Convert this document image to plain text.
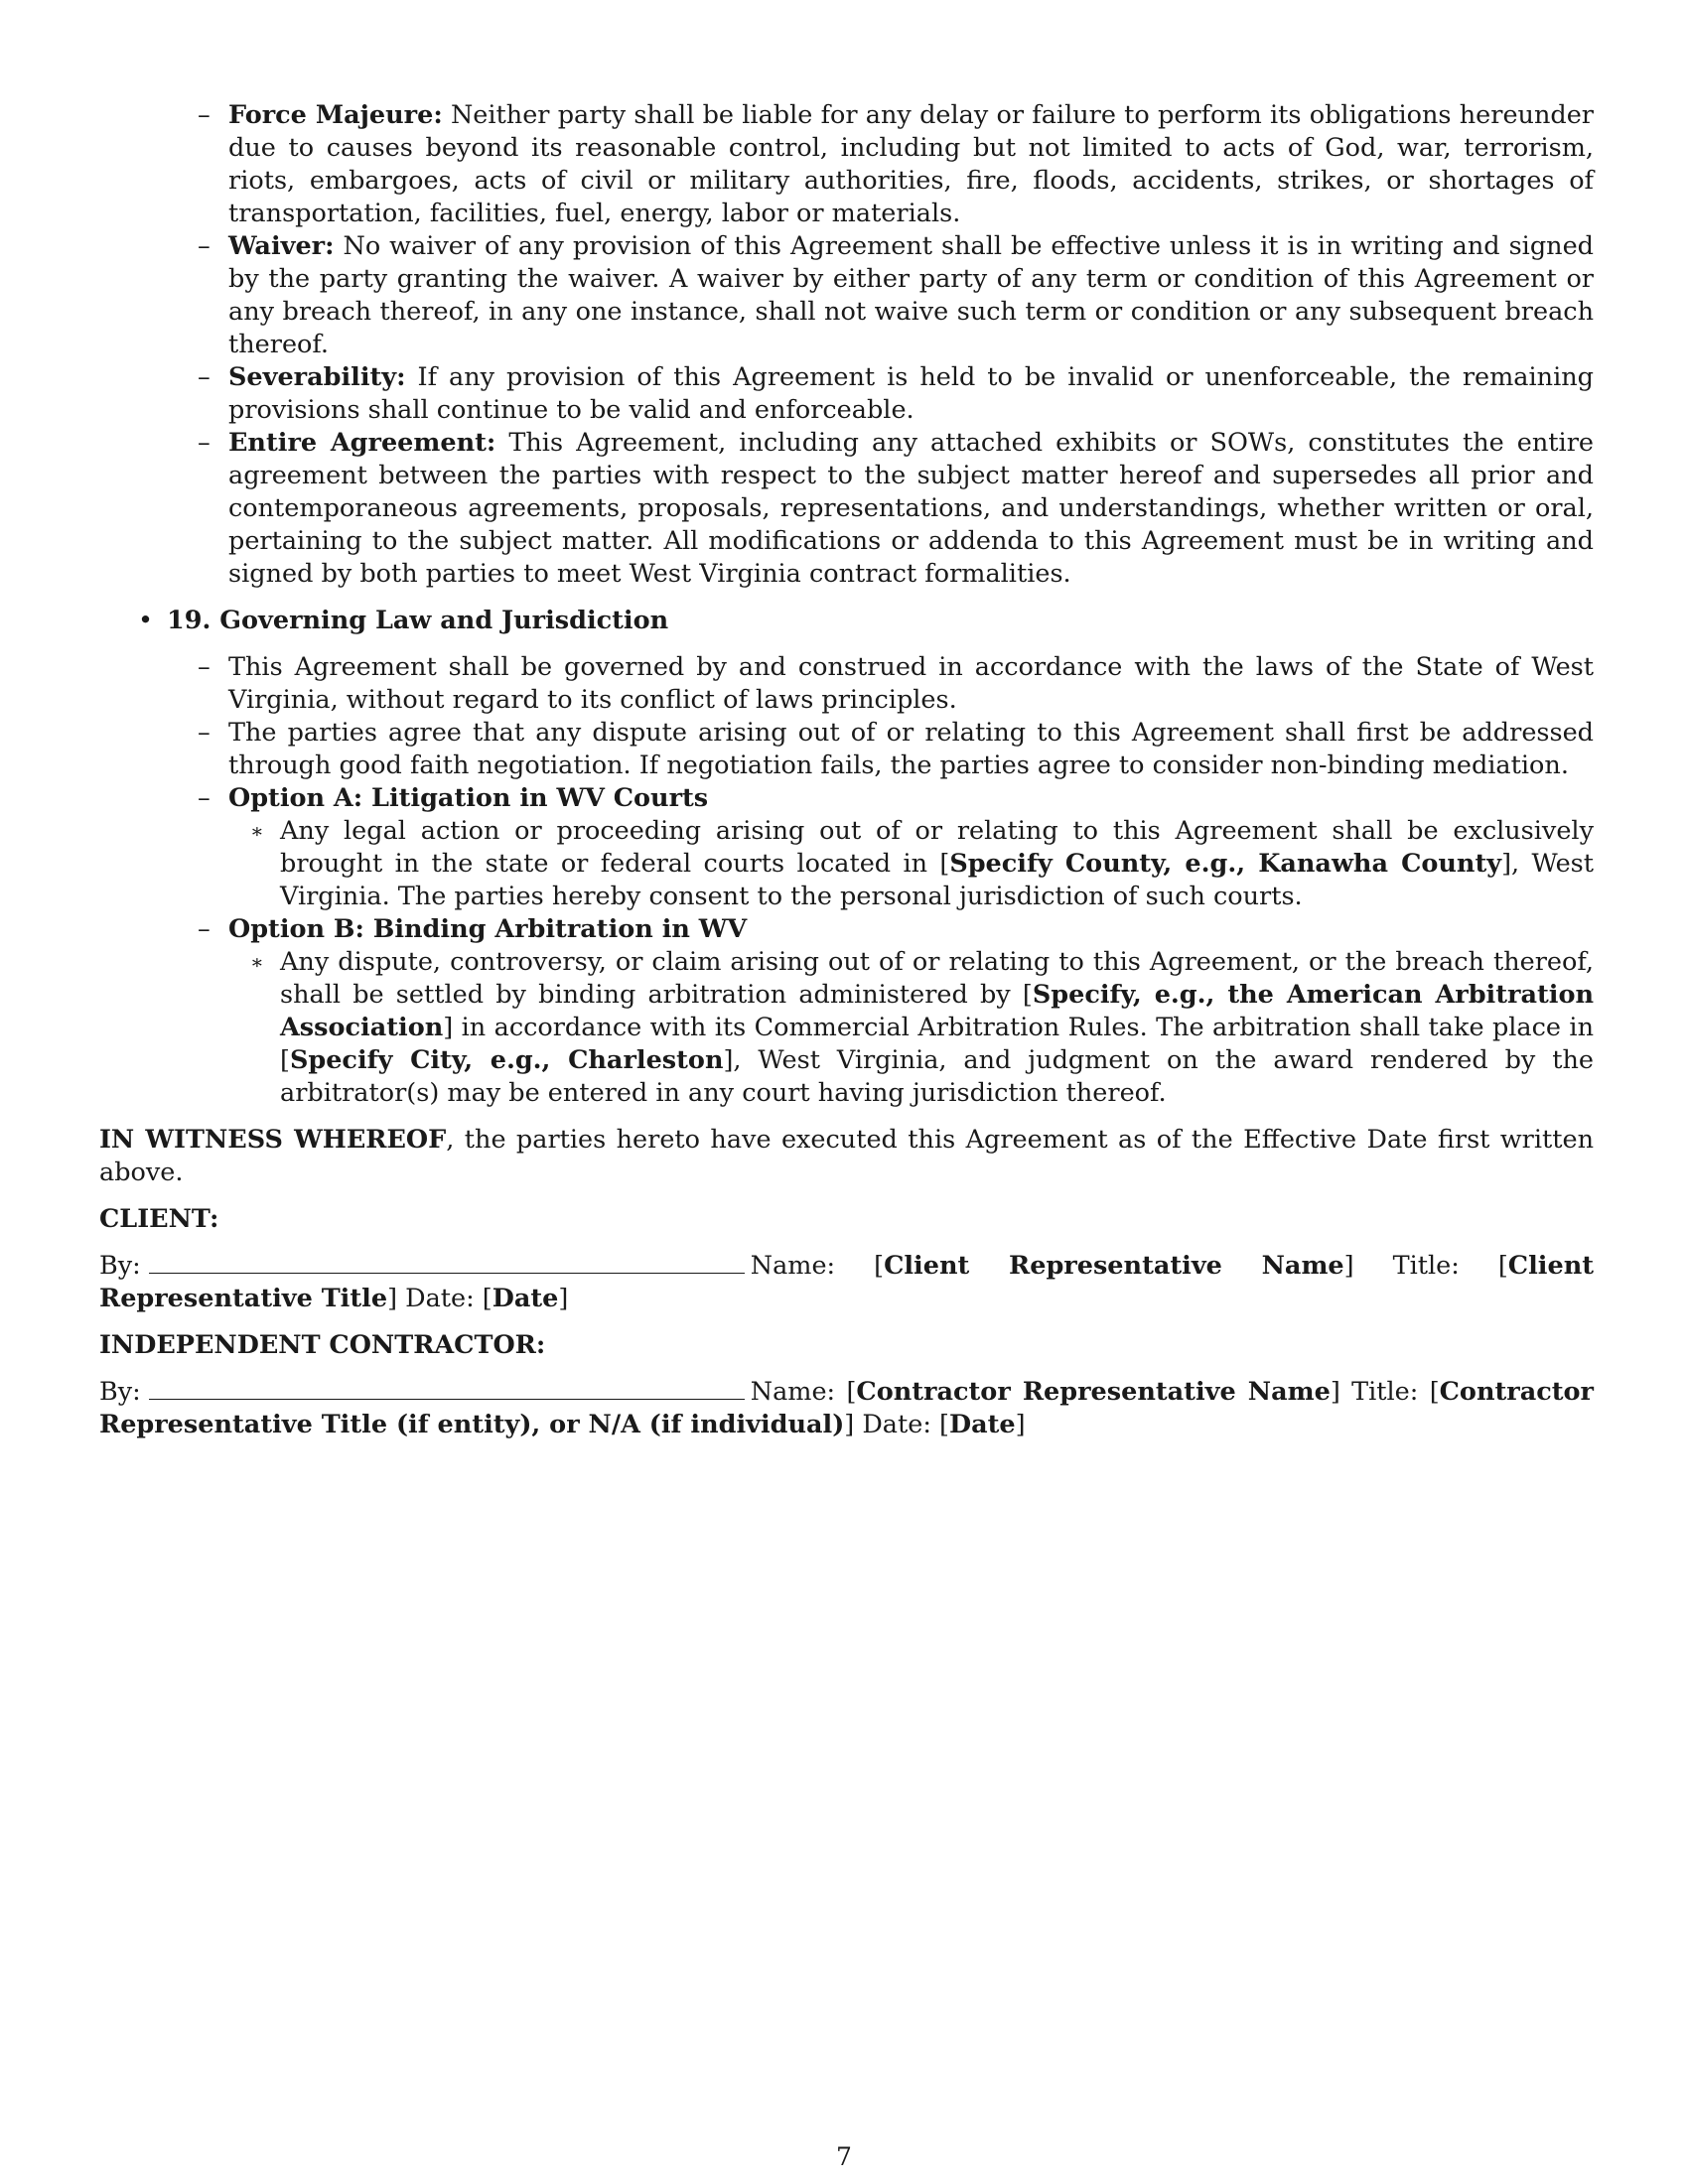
– Force Majeure: Neither party shall be liable for any delay or failure to perform its obligations hereunder due to causes beyond its reasonable control, including but not limited to acts of God, war, terrorism, riots, embargoes, acts of civil or military authorities, fire, floods, accidents, strikes, or shortages of transportation, facilities, fuel, energy, labor or materials.
– Waiver: No waiver of any provision of this Agreement shall be effective unless it is in writing and signed by the party granting the waiver. A waiver by either party of any term or condition of this Agreement or any breach thereof, in any one instance, shall not waive such term or condition or any subsequent breach thereof.
– Severability: If any provision of this Agreement is held to be invalid or unenforceable, the remaining provisions shall continue to be valid and enforceable.
– Entire Agreement: This Agreement, including any attached exhibits or SOWs, constitutes the entire agreement between the parties with respect to the subject matter hereof and supersedes all prior and contemporaneous agreements, proposals, representations, and understandings, whether written or oral, pertaining to the subject matter. All modifications or addenda to this Agreement must be in writing and signed by both parties to meet West Virginia contract formalities.
• 19. Governing Law and Jurisdiction
– This Agreement shall be governed by and construed in accordance with the laws of the State of West Virginia, without regard to its conflict of laws principles.
– The parties agree that any dispute arising out of or relating to this Agreement shall first be addressed through good faith negotiation. If negotiation fails, the parties agree to consider non-binding mediation.
– Option A: Litigation in WV Courts
∗ Any legal action or proceeding arising out of or relating to this Agreement shall be exclusively brought in the state or federal courts located in [Specify County, e.g., Kanawha County], West Virginia. The parties hereby consent to the personal jurisdiction of such courts.
– Option B: Binding Arbitration in WV
∗ Any dispute, controversy, or claim arising out of or relating to this Agreement, or the breach thereof, shall be settled by binding arbitration administered by [Specify, e.g., the American Arbitration Association] in accordance with its Commercial Arbitration Rules. The arbitration shall take place in [Specify City, e.g., Charleston], West Virginia, and judgment on the award rendered by the arbitrator(s) may be entered in any court having jurisdiction thereof.

IN WITNESS WHEREOF, the parties hereto have executed this Agreement as of the Effective Date first written above.

CLIENT:

By:	Name: [Client Representative Name] Title: [Client Representative Title] Date: [Date]

INDEPENDENT CONTRACTOR:

By:	Name: [Contractor Representative Name] Title: [Contractor Representative Title (if entity), or N/A (if individual)] Date: [Date]

7
